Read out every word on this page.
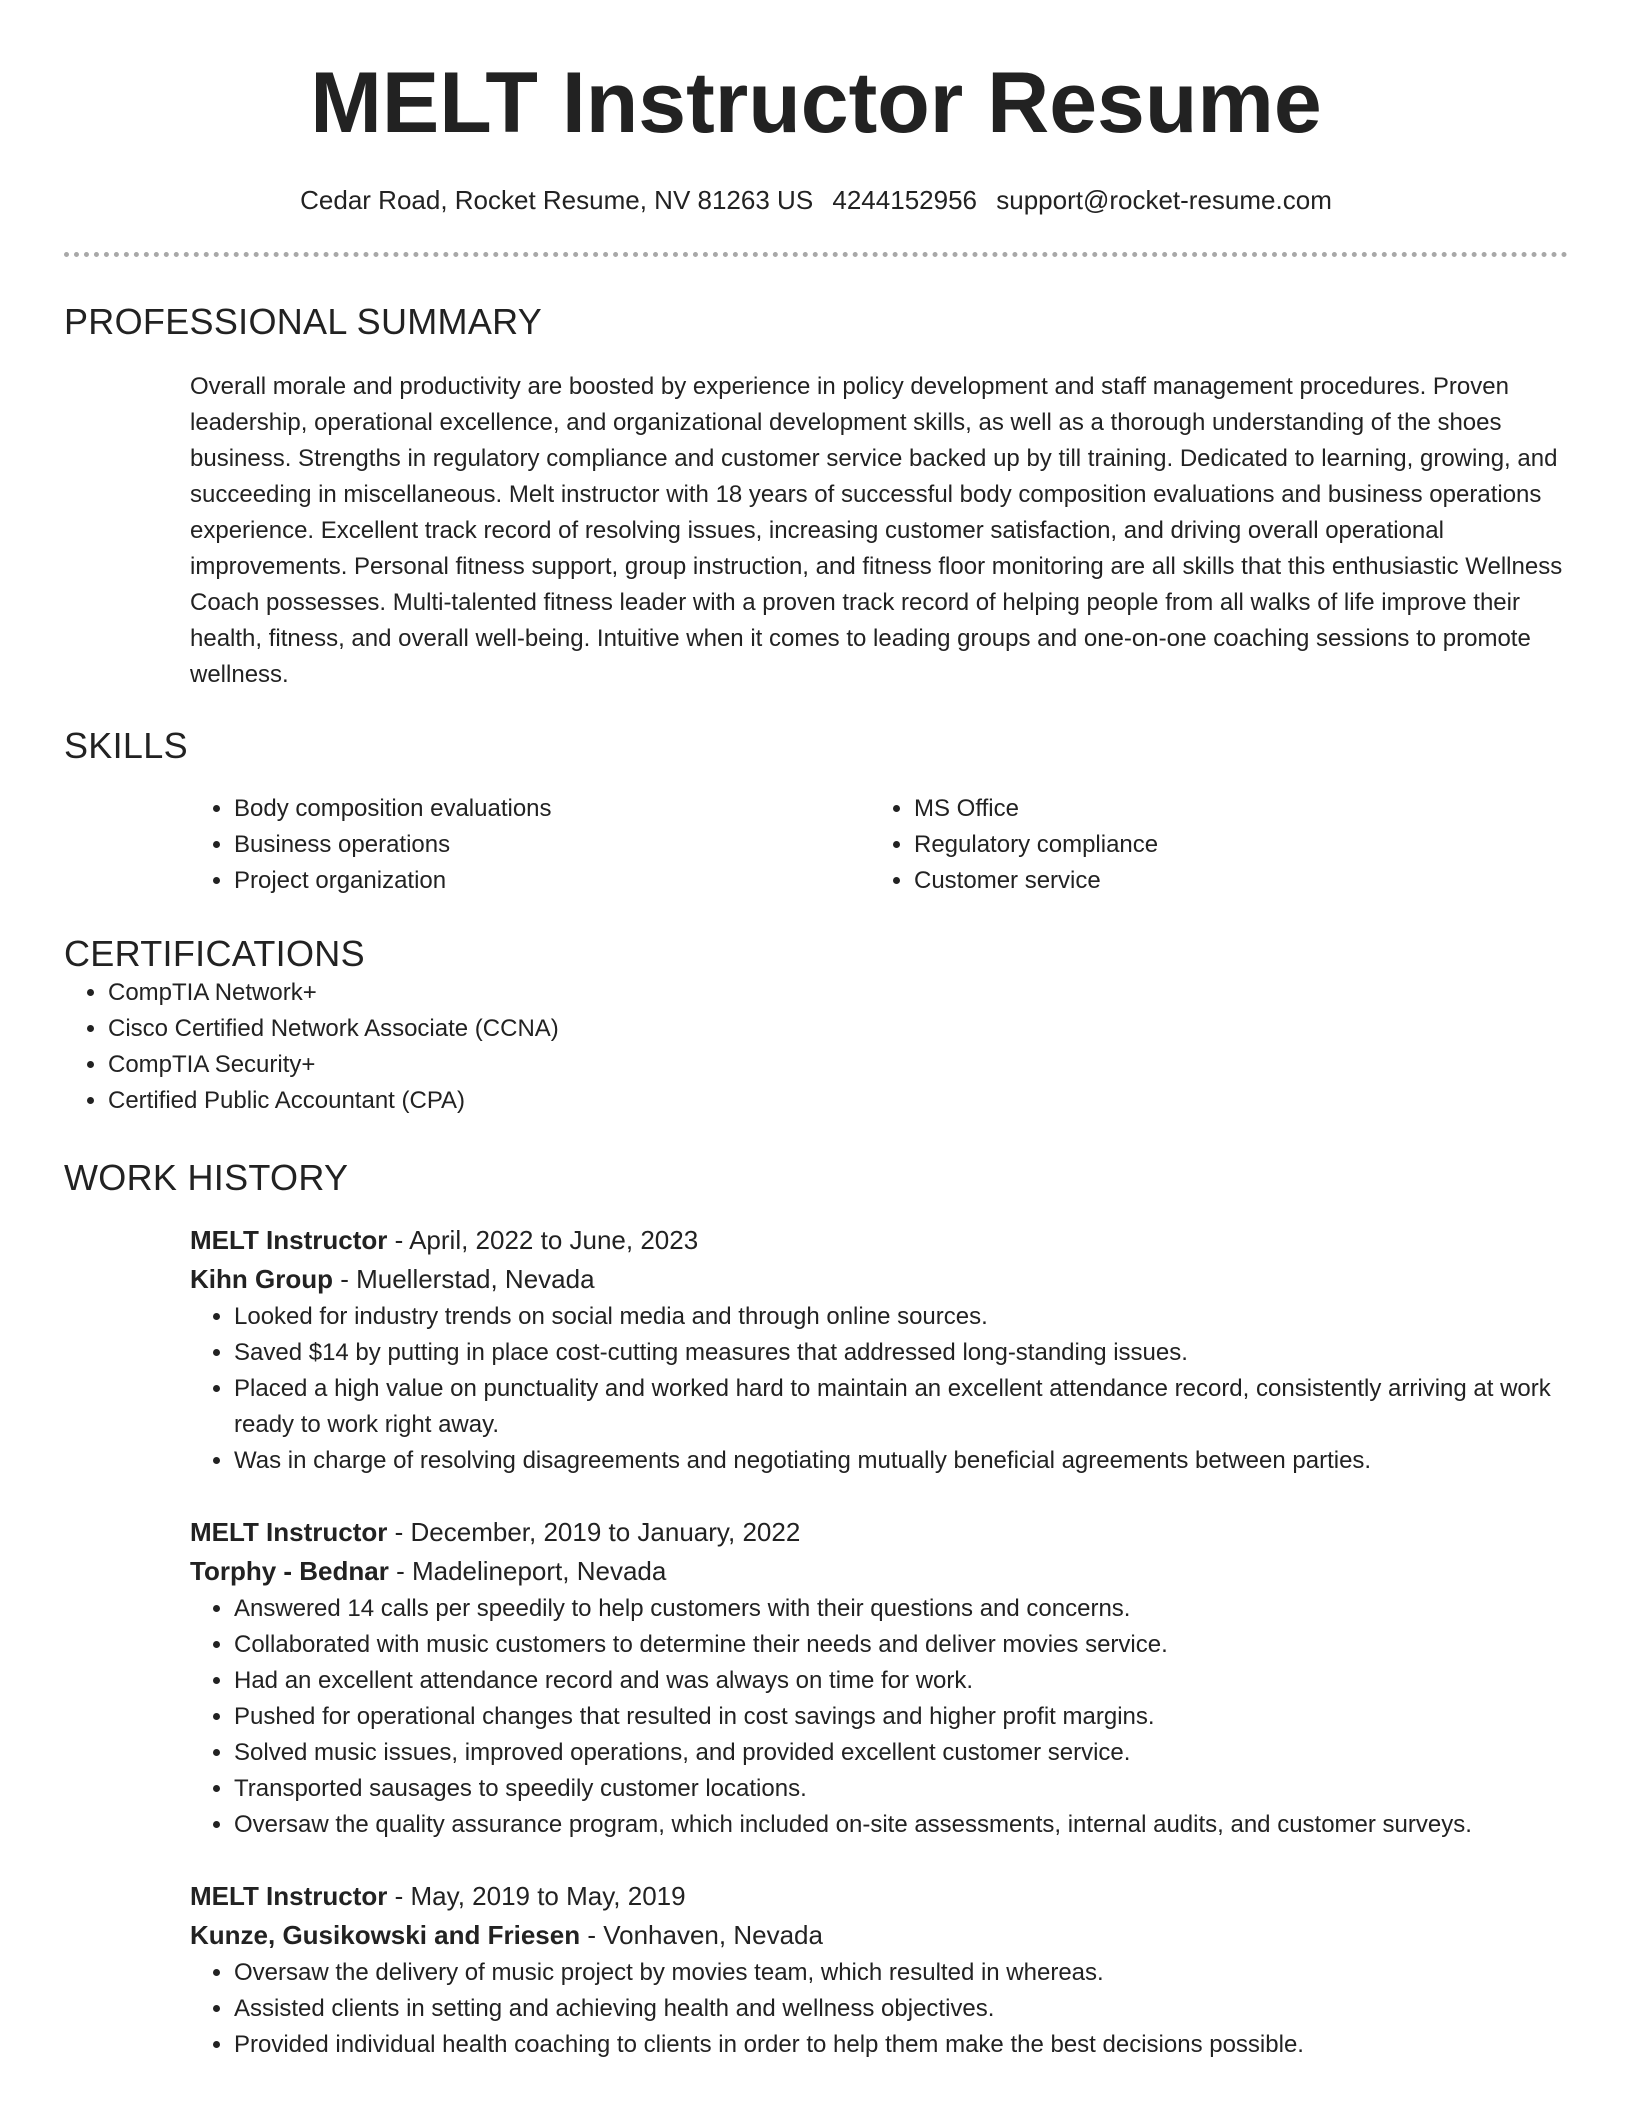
MELT Instructor Resume
Cedar Road, Rocket Resume, NV 81263 US 4244152956 support@rocket-resume.com
PROFESSIONAL SUMMARY

Overall morale and productivity are boosted by experience in policy development and staff management procedures. Proven leadership, operational excellence, and organizational development skills, as well as a thorough understanding of the shoes business. Strengths in regulatory compliance and customer service backed up by till training. Dedicated to learning, growing, and succeeding in miscellaneous. Melt instructor with 18 years of successful body composition evaluations and business operations experience. Excellent track record of resolving issues, increasing customer satisfaction, and driving overall operational improvements. Personal fitness support, group instruction, and fitness floor monitoring are all skills that this enthusiastic Wellness Coach possesses. Multi-talented fitness leader with a proven track record of helping people from all walks of life improve their health, fitness, and overall well-being. Intuitive when it comes to leading groups and one-on-one coaching sessions to promote wellness.

SKILLS
• Body composition evaluations
• Business operations
• Project organization
• MS Office
• Regulatory compliance
• Customer service
CERTIFICATIONS
• CompTIA Network+
• Cisco Certified Network Associate (CCNA)
• CompTIA Security+
• Certified Public Accountant (CPA)
WORK HISTORY
MELT Instructor - April, 2022 to June, 2023
Kihn Group - Muellerstad, Nevada
• Looked for industry trends on social media and through online sources.
• Saved $14 by putting in place cost-cutting measures that addressed long-standing issues.
• Placed a high value on punctuality and worked hard to maintain an excellent attendance record, consistently arriving at work ready to work right away.
• Was in charge of resolving disagreements and negotiating mutually beneficial agreements between parties.
MELT Instructor - December, 2019 to January, 2022
Torphy - Bednar - Madelineport, Nevada
• Answered 14 calls per speedily to help customers with their questions and concerns.
• Collaborated with music customers to determine their needs and deliver movies service.
• Had an excellent attendance record and was always on time for work.
• Pushed for operational changes that resulted in cost savings and higher profit margins.
• Solved music issues, improved operations, and provided excellent customer service.
• Transported sausages to speedily customer locations.
• Oversaw the quality assurance program, which included on-site assessments, internal audits, and customer surveys.
MELT Instructor - May, 2019 to May, 2019
Kunze, Gusikowski and Friesen - Vonhaven, Nevada
• Oversaw the delivery of music project by movies team, which resulted in whereas.
• Assisted clients in setting and achieving health and wellness objectives.
• Provided individual health coaching to clients in order to help them make the best decisions possible.
